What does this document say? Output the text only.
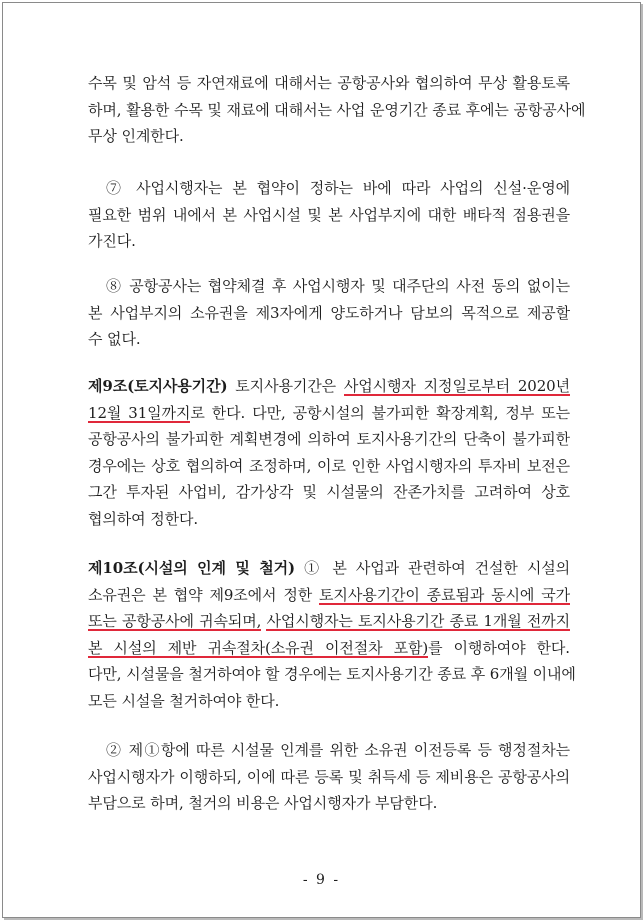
수목 및 암석 등 자연재료에 대해서는 공항공사와 협의하여 무상 활용토록
하며, 활용한 수목 및 재료에 대해서는 사업 운영기간 종료 후에는 공항공사에
무상 인계한다.
⑦ 사업시행자는 본 협약이 정하는 바에 따라 사업의 신설·운영에
필요한 범위 내에서 본 사업시설 및 본 사업부지에 대한 배타적 점용권을
가진다.
⑧ 공항공사는 협약체결 후 사업시행자 및 대주단의 사전 동의 없이는
본 사업부지의 소유권을 제3자에게 양도하거나 담보의 목적으로 제공할
수 없다.
제9조(토지사용기간) 토지사용기간은 사업시행자 지정일로부터 2020년
12월 31일까지로 한다. 다만, 공항시설의 불가피한 확장계획, 정부 또는
공항공사의 불가피한 계획변경에 의하여 토지사용기간의 단축이 불가피한
경우에는 상호 협의하여 조정하며, 이로 인한 사업시행자의 투자비 보전은
그간 투자된 사업비, 감가상각 및 시설물의 잔존가치를 고려하여 상호
협의하여 정한다.
제10조(시설의 인계 및 철거) ① 본 사업과 관련하여 건설한 시설의
소유권은 본 협약 제9조에서 정한 토지사용기간이 종료됨과 동시에 국가
또는 공항공사에 귀속되며, 사업시행자는 토지사용기간 종료 1개월 전까지
본 시설의 제반 귀속절차(소유권 이전절차 포함)를 이행하여야 한다.
다만, 시설물을 철거하여야 할 경우에는 토지사용기간 종료 후 6개월 이내에
모든 시설을 철거하여야 한다.
② 제①항에 따른 시설물 인계를 위한 소유권 이전등록 등 행정절차는
사업시행자가 이행하되, 이에 따른 등록 및 취득세 등 제비용은 공항공사의
부담으로 하며, 철거의 비용은 사업시행자가 부담한다.
- 9 -
